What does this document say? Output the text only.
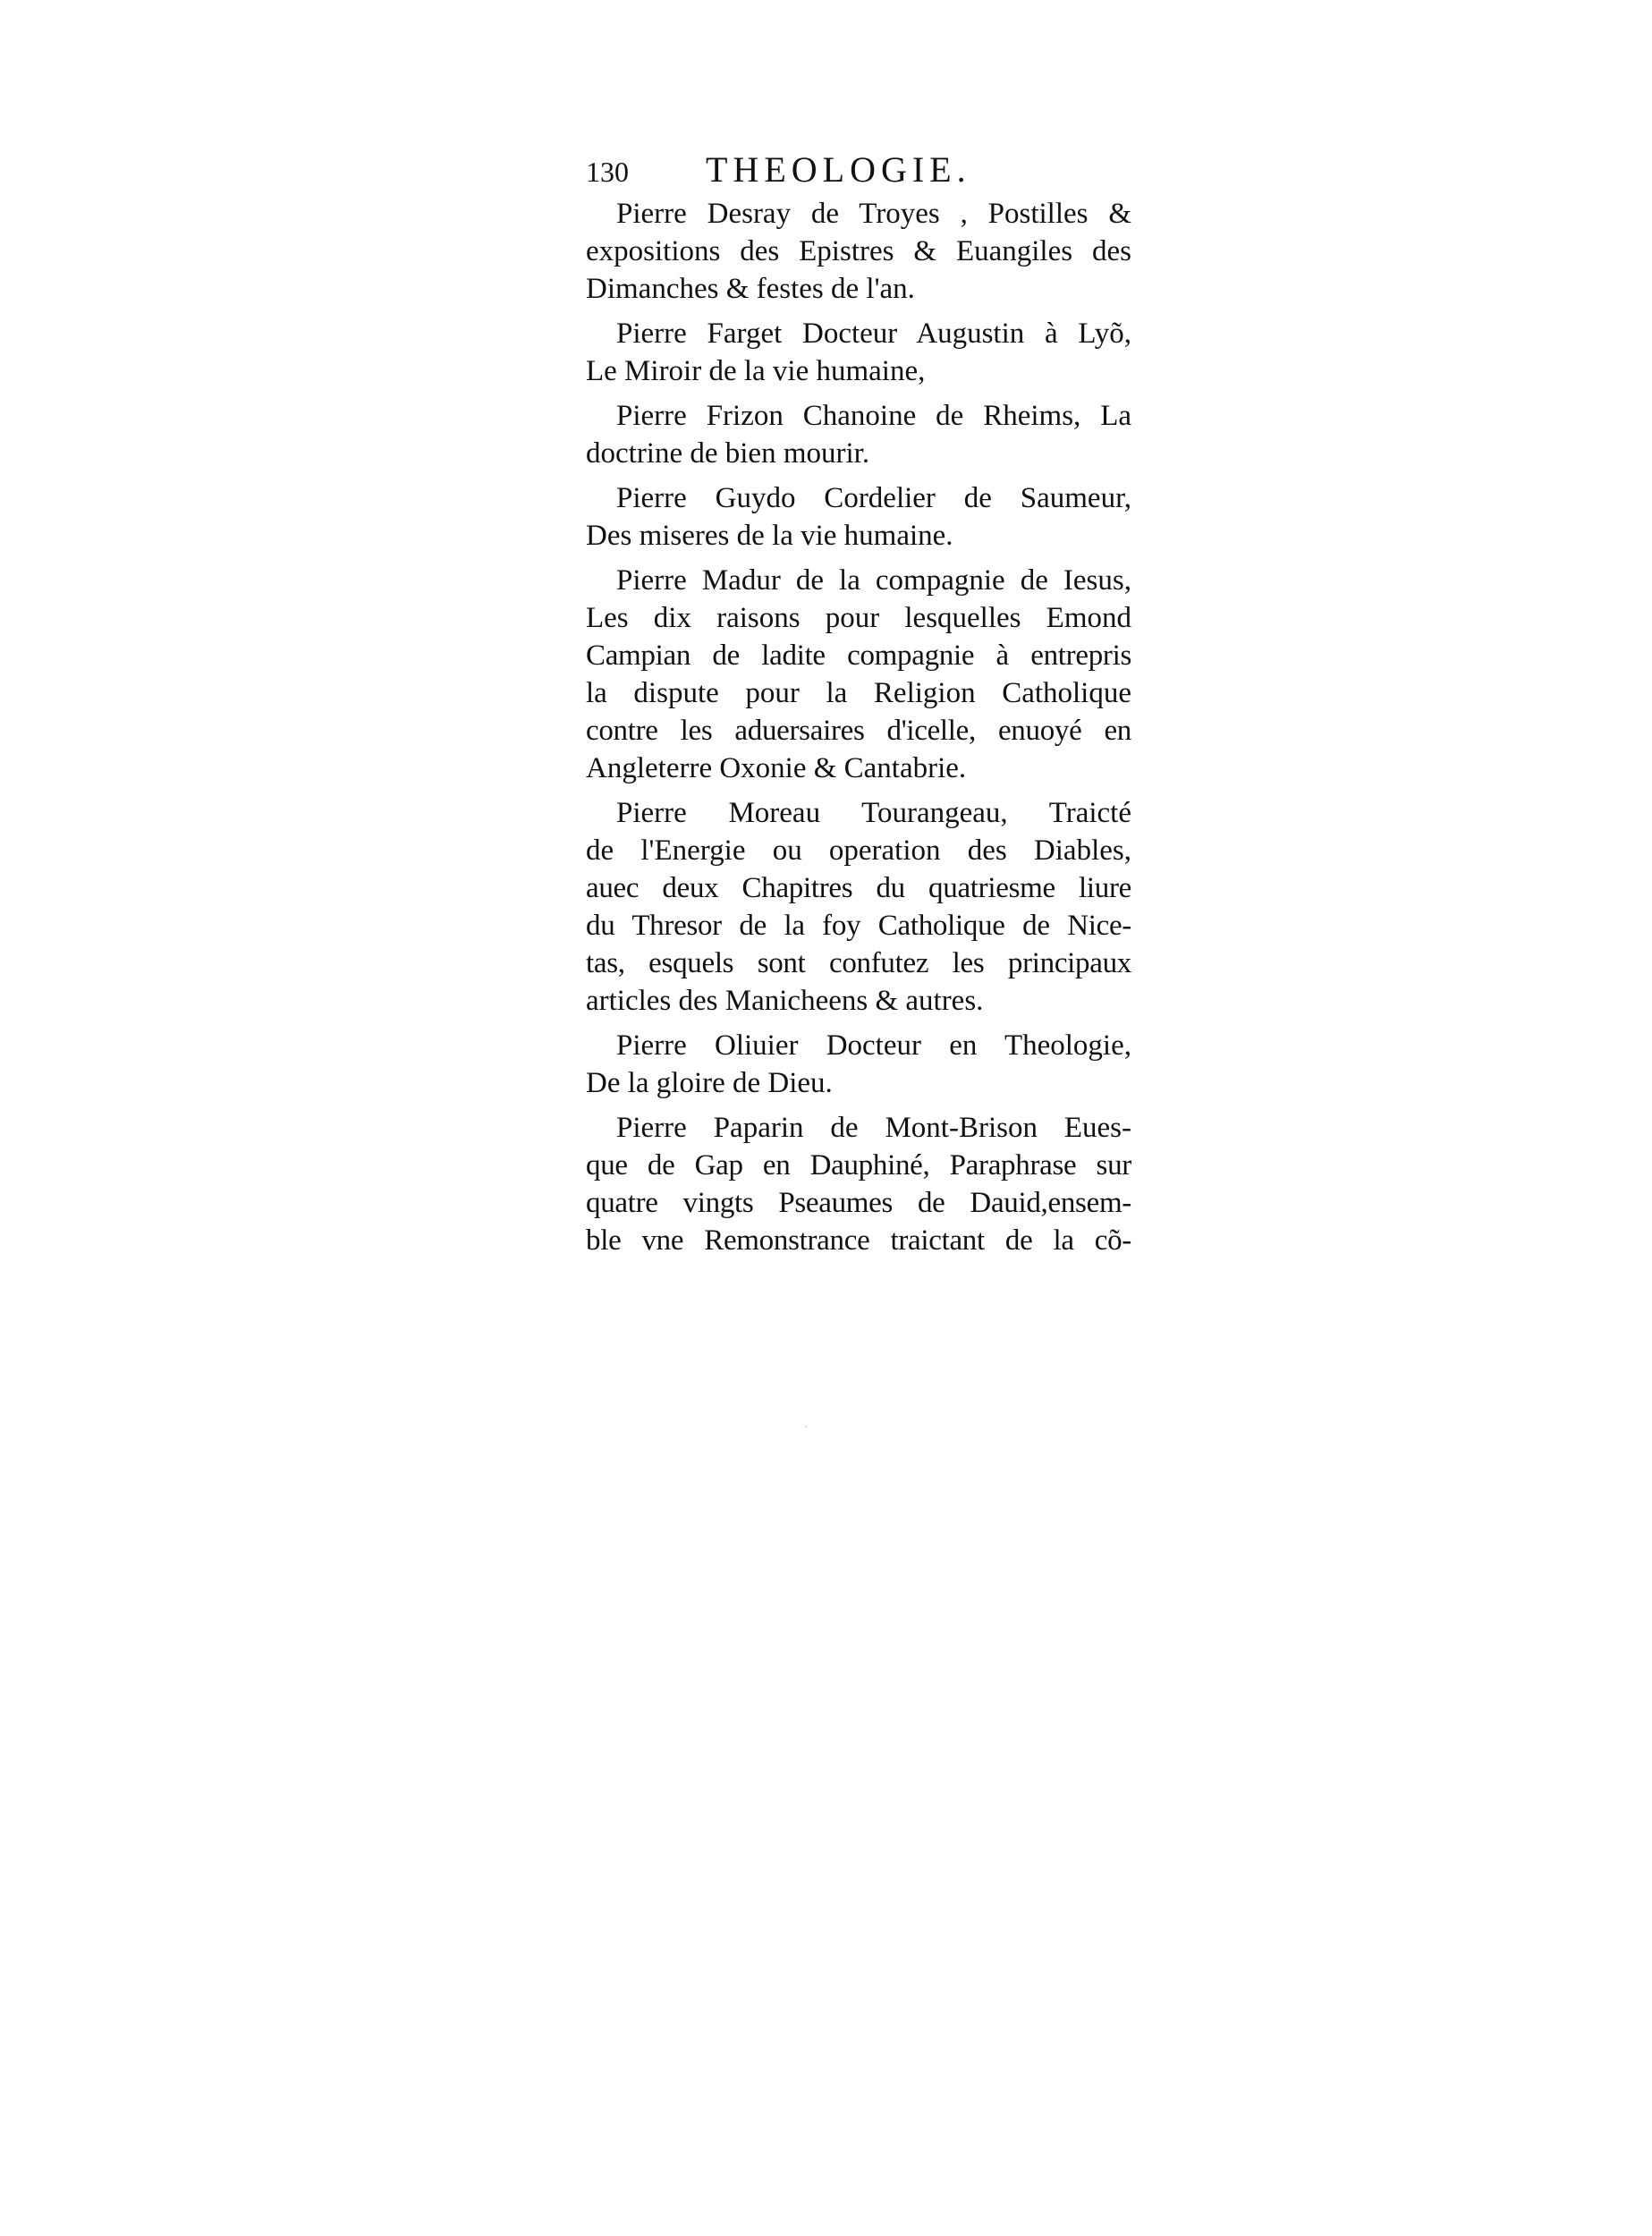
130 THEOLOGIE.

Pierre Desray de Troyes , Postilles &
expositions des Epistres & Euangiles des
Dimanches & festes de l'an.

Pierre Farget Docteur Augustin à Lyõ,
Le Miroir de la vie humaine,

Pierre Frizon Chanoine de Rheims, La
doctrine de bien mourir.

Pierre Guydo Cordelier de Saumeur,
Des miseres de la vie humaine.

Pierre Madur de la compagnie de Iesus,
Les dix raisons pour lesquelles Emond
Campian de ladite compagnie à entrepris
la dispute pour la Religion Catholique
contre les aduersaires d'icelle, enuoyé en
Angleterre Oxonie & Cantabrie.

Pierre Moreau Tourangeau, Traicté
de l'Energie ou operation des Diables,
auec deux Chapitres du quatriesme liure
du Thresor de la foy Catholique de Nice-
tas, esquels sont confutez les principaux
articles des Manicheens & autres.

Pierre Oliuier Docteur en Theologie,
De la gloire de Dieu.

Pierre Paparin de Mont-Brison Eues-
que de Gap en Dauphiné, Paraphrase sur
quatre vingts Pseaumes de Dauid,ensem-
ble vne Remonstrance traictant de la cõ-
